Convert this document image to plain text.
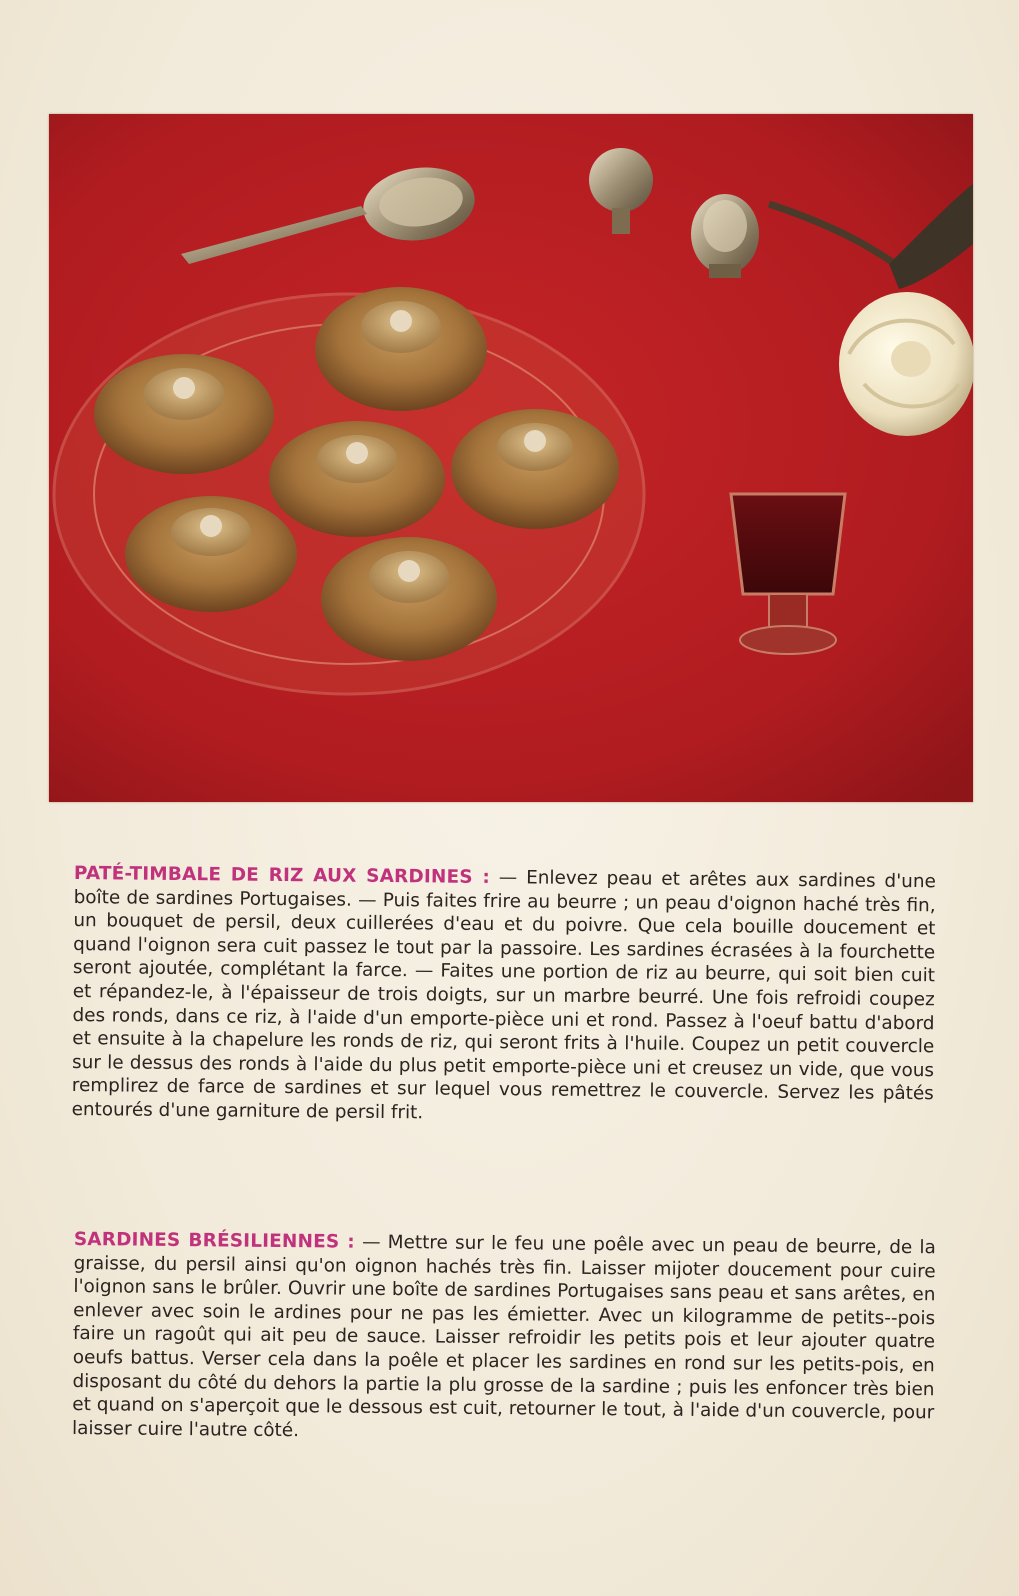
PATÉ-TIMBALE DE RIZ AUX SARDINES : — Enlevez peau et arêtes aux sardines d'une boîte de sardines Portugaises. — Puis faites frire au beurre ; un peau d'oignon haché très fin, un bouquet de persil, deux cuillerées d'eau et du poivre. Que cela bouille doucement et quand l'oignon sera cuit passez le tout par la passoire. Les sardines écrasées à la fourchette seront ajoutée, complétant la farce. — Faites une portion de riz au beurre, qui soit bien cuit et répandez-le, à l'épaisseur de trois doigts, sur un marbre beurré. Une fois refroidi coupez des ronds, dans ce riz, à l'aide d'un emporte-pièce uni et rond. Passez à l'oeuf battu d'abord et ensuite à la chapelure les ronds de riz, qui seront frits à l'huile. Coupez un petit couvercle sur le dessus des ronds à l'aide du plus petit emporte-pièce uni et creusez un vide, que vous remplirez de farce de sardines et sur lequel vous remettrez le couvercle. Servez les pâtés entourés d'une garniture de persil frit.

SARDINES BRÉSILIENNES : — Mettre sur le feu une poêle avec un peau de beurre, de la graisse, du persil ainsi qu'on oignon hachés très fin. Laisser mijoter doucement pour cuire l'oignon sans le brûler. Ouvrir une boîte de sardines Portugaises sans peau et sans arêtes, en enlever avec soin le ardines pour ne pas les émietter. Avec un kilogramme de petits--pois faire un ragoût qui ait peu de sauce. Laisser refroidir les petits pois et leur ajouter quatre oeufs battus. Verser cela dans la poêle et placer les sardines en rond sur les petits-pois, en disposant du côté du dehors la partie la plu grosse de la sardine ; puis les enfoncer très bien et quand on s'aperçoit que le dessous est cuit, retourner le tout, à l'aide d'un couvercle, pour laisser cuire l'autre côté.
